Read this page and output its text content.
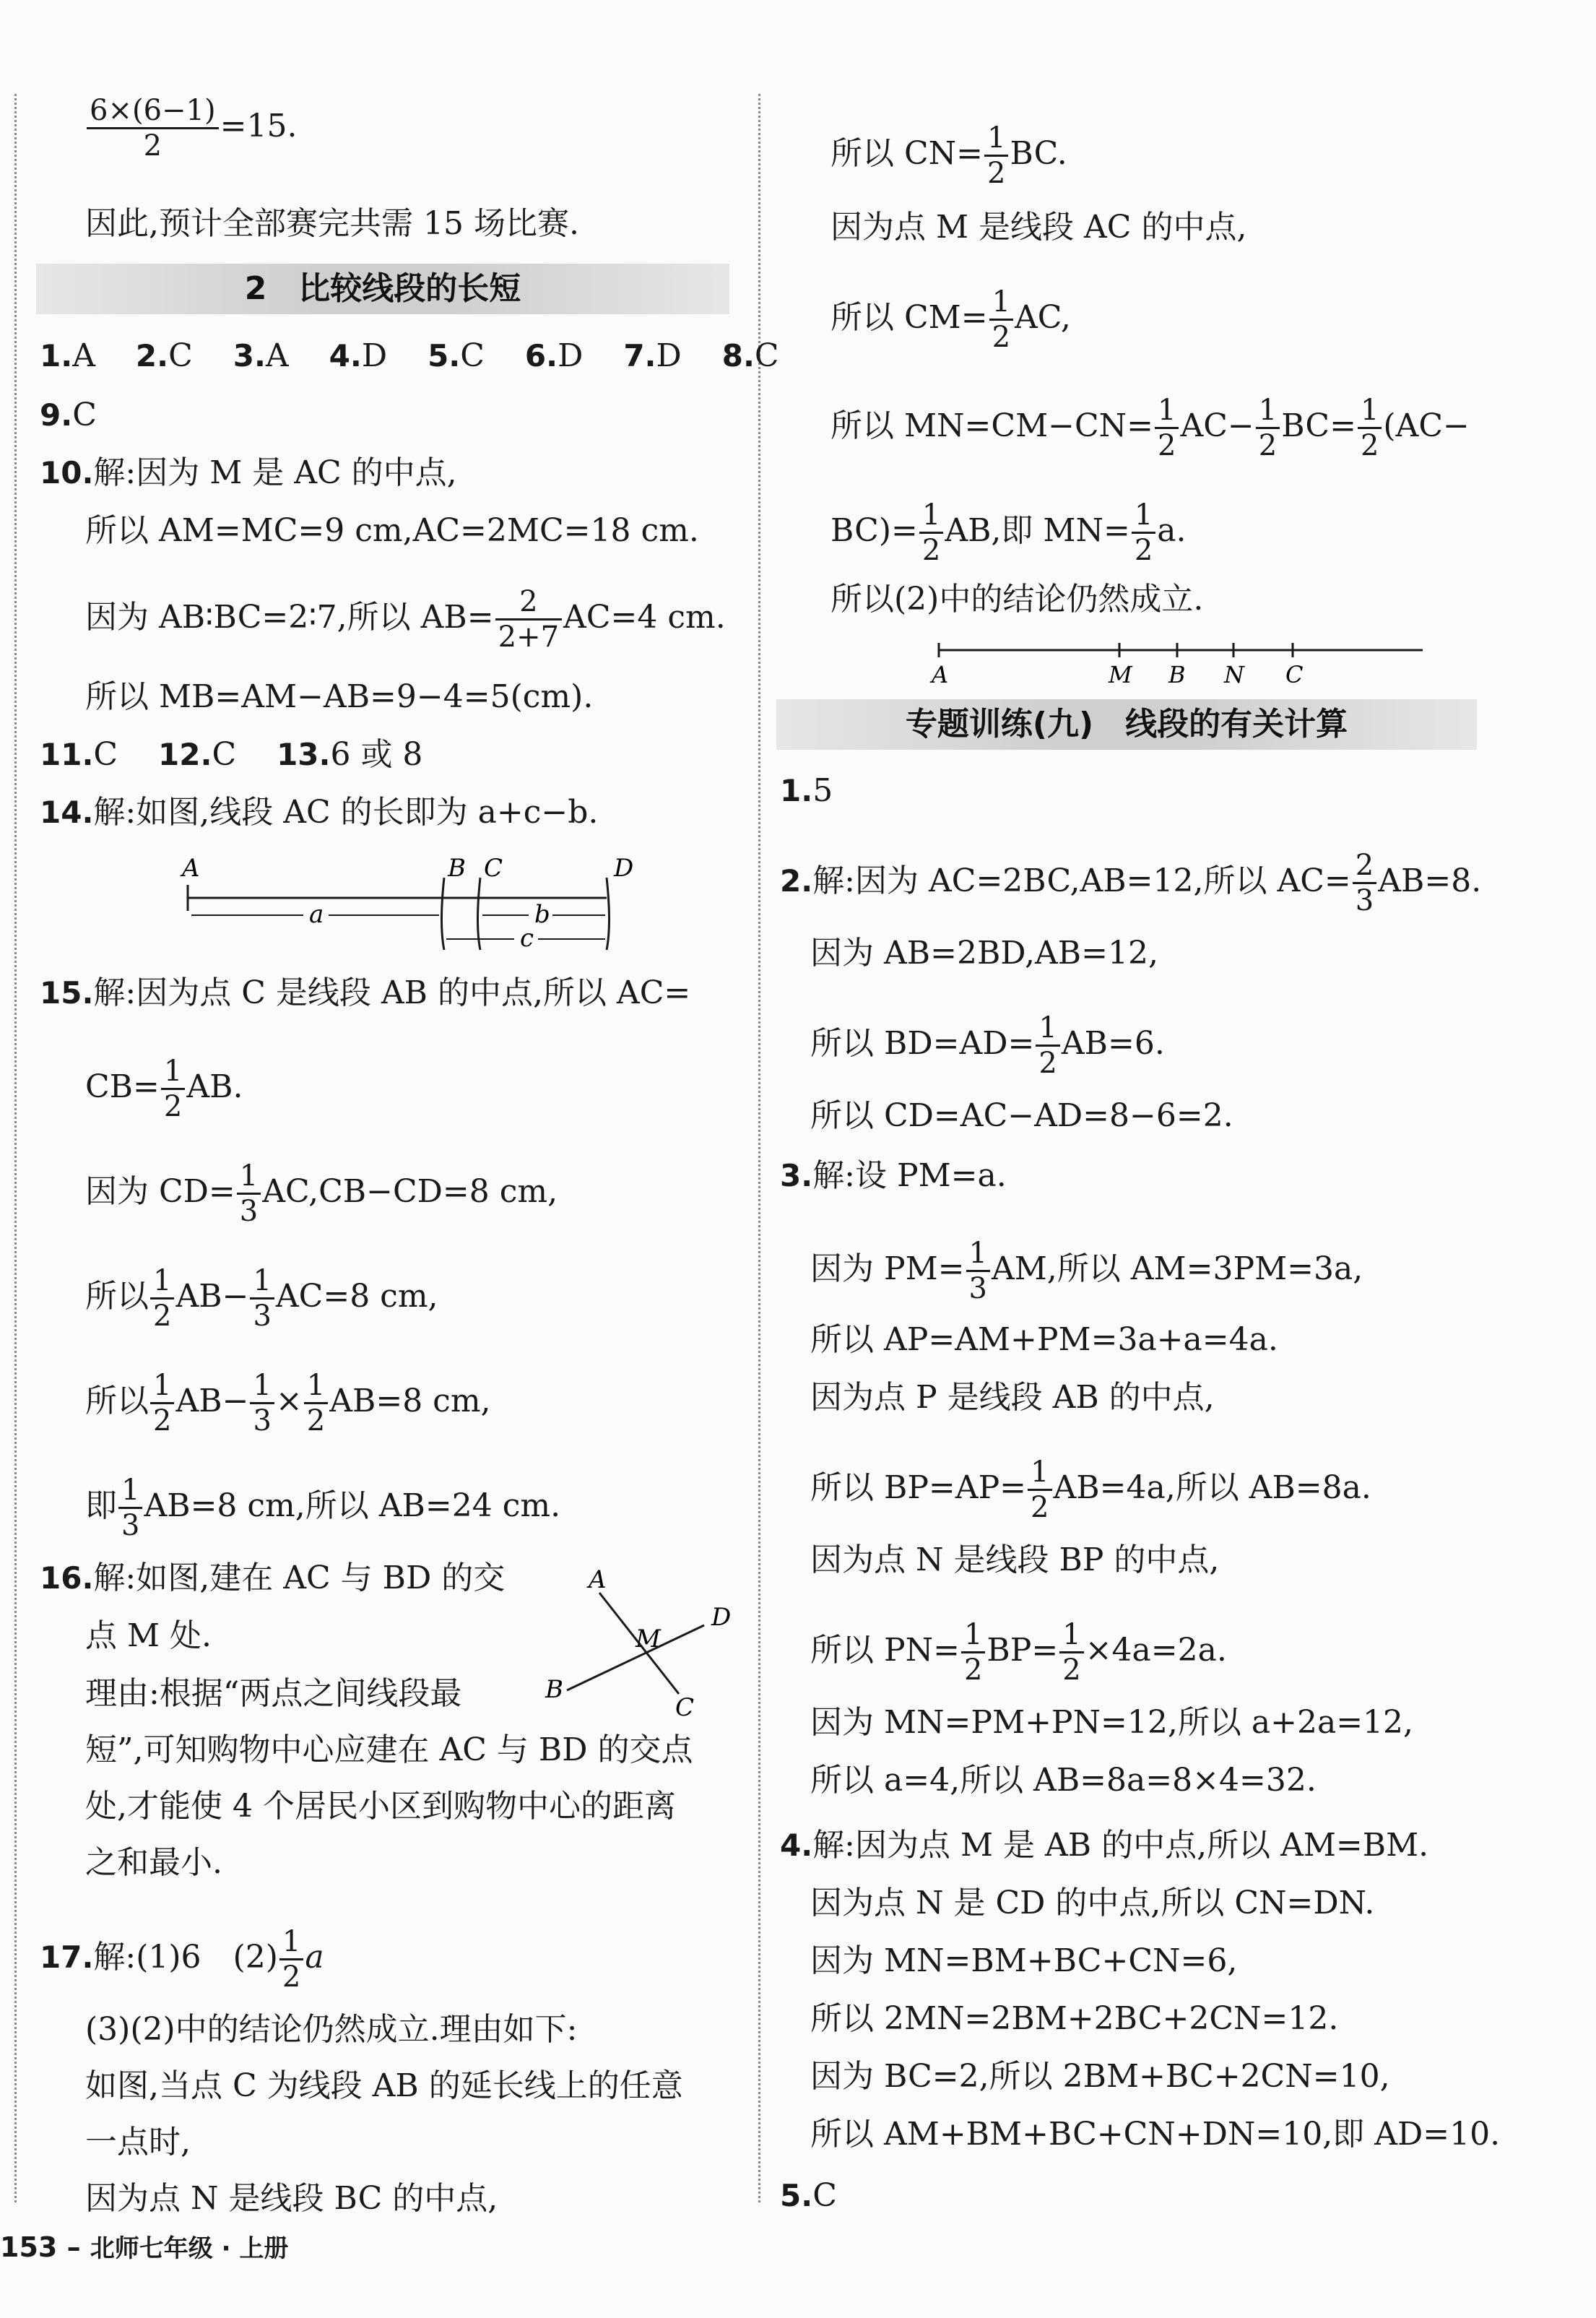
$\frac{6\times(6-1)}{2} =15$.
因此,预计全部赛完共需 15 场比赛.
2　比较线段的长短
1.A 2.C 3.A 4.D 5.C 6.D 7.D 8.C
9.C
10.解:因为 M 是 AC 的中点,
所以 AM=MC=9 cm,AC=2MC=18 cm.
因为 AB∶BC=2∶7,所以 $AB= \frac{2}{2+7} AC=4$ cm.
所以 MB=AM−AB=9−4=5(cm).
11.C 12.C 13.6 或 8
14.解:如图,线段 AC 的长即为 a+c−b.
A	B C	D
a	b
c
15.解:因为点 C 是线段 AB 的中点,所以 AC=
$CB= \frac{1}{2}$ AB.
因为 $CD= \frac{1}{3} AC,CB-CD=8$ cm,
所以 $\frac{1}{2} AB- \frac{1}{3} AC=8$ cm,
所以 $\frac{1}{2} AB- \frac{1}{3} \times \frac{1}{2} AB=8$ cm,
即 $\frac{1}{3} AB=8$ cm,所以 AB=24 cm.
16.解:如图,建在 AC 与 BD 的交
点 M 处.
理由:根据“两点之间线段最
短”,可知购物中心应建在 AC 与 BD 的交点
处,才能使 4 个居民小区到购物中心的距离
之和最小.
A
D
M
B
C
17.解:(1)6　$(2) \frac{1}{2}$ a
(3)(2)中的结论仍然成立.理由如下:
如图,当点 C 为线段 AB 的延长线上的任意
一点时,
因为点 N 是线段 BC 的中点,
153 – 北师七年级 · 上册
所以 $CN= \frac{1}{2}$ BC.
因为点 M 是线段 AC 的中点,
所以 $CM= \frac{1}{2}$ AC,
所以 $MN=CM-CN= \frac{1}{2} AC- \frac{1}{2} BC= \frac{1}{2} (AC-$
$BC)= \frac{1}{2}$ AB,即 $MN= \frac{1}{2} a$.
所以(2)中的结论仍然成立.
A	M B N C
专题训练(九)　线段的有关计算
1.5
2.解:因为 AC=2BC,AB=12,所以 $AC= \frac{2}{3} AB=8$.
因为 AB=2BD,AB=12,
所以 $BD=AD= \frac{1}{2} AB=6$.
所以 CD=AC−AD=8−6=2.
3.解:设 PM=a.
因为 $PM= \frac{1}{3}$ AM,所以 AM=3PM=3a,
所以 AP=AM+PM=3a+a=4a.
因为点 P 是线段 AB 的中点,
所以 $BP=AP= \frac{1}{2} AB=4a$,所以 AB=8a.
因为点 N 是线段 BP 的中点,
所以 $PN= \frac{1}{2} BP= \frac{1}{2} \times 4a=2a$.
因为 MN=PM+PN=12,所以 a+2a=12,
所以 a=4,所以 AB=8a=8×4=32.
4.解:因为点 M 是 AB 的中点,所以 AM=BM.
因为点 N 是 CD 的中点,所以 CN=DN.
因为 MN=BM+BC+CN=6,
所以 2MN=2BM+2BC+2CN=12.
因为 BC=2,所以 2BM+BC+2CN=10,
所以 AM+BM+BC+CN+DN=10,即 AD=10.
5.C
